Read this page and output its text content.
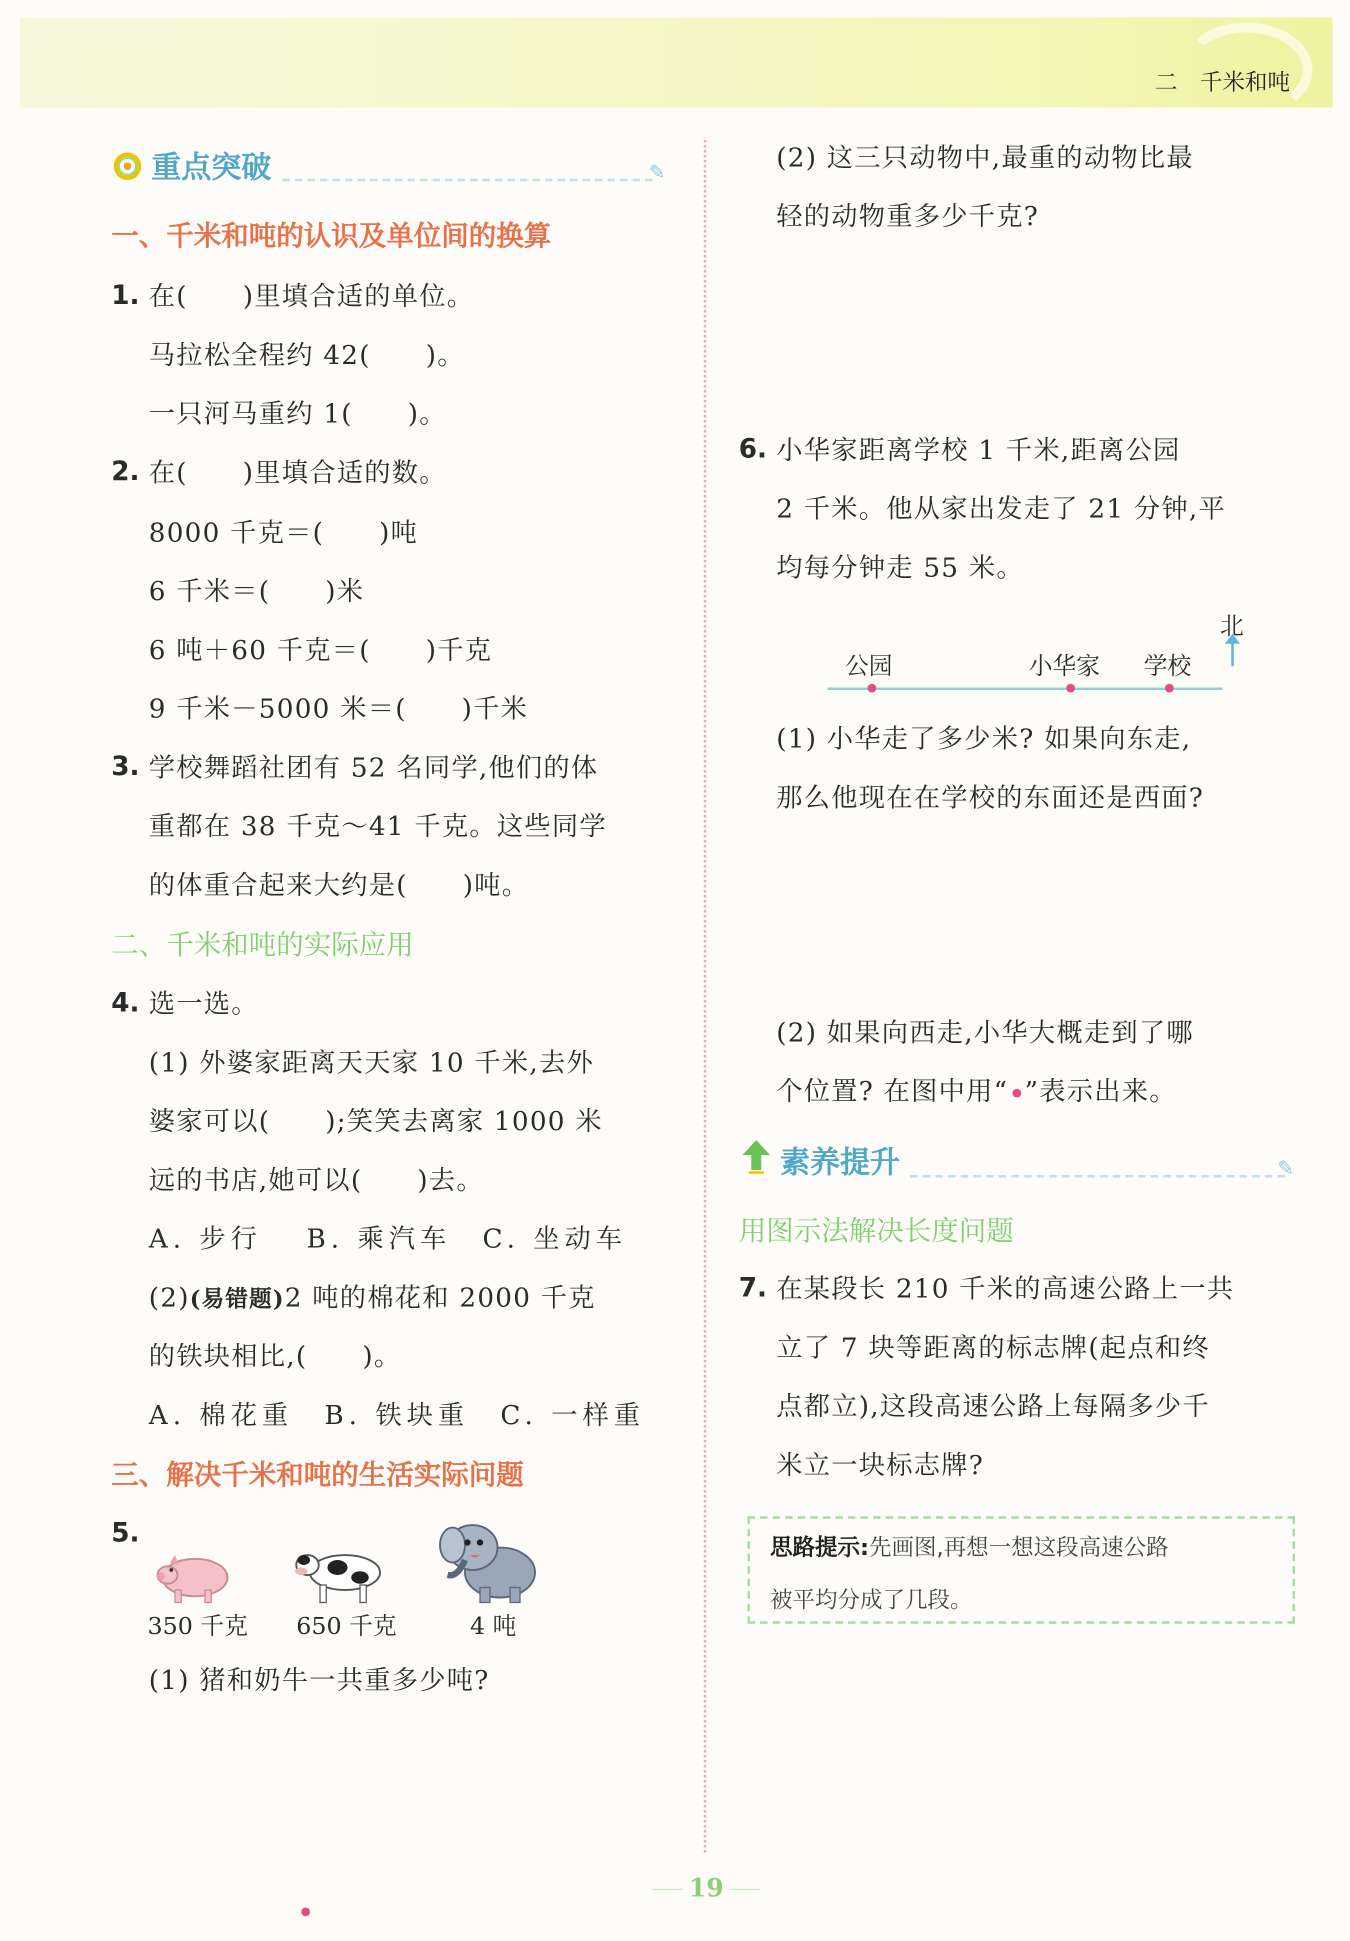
二　千米和吨
重点突破	✎
一、千米和吨的认识及单位间的换算
1. 在(　　)里填合适的单位。
马拉松全程约 42(　　)。
一只河马重约 1(　　)。
2. 在(　　)里填合适的数。
8000 千克＝(　　)吨
6 千米＝(　　)米
6 吨＋60 千克＝(　　)千克
9 千米－5000 米＝(　　)千米
3. 学校舞蹈社团有 52 名同学,他们的体
重都在 38 千克～41 千克。这些同学
的体重合起来大约是(　　)吨。
二、千米和吨的实际应用
4. 选一选。
(1) 外婆家距离天天家 10 千米,去外
婆家可以(　　);笑笑去离家 1000 米
远的书店,她可以(　　)去。
A. 步行　 B. 乘汽车　C. 坐动车
(2)(易错题)2 吨的棉花和 2000 千克
的铁块相比,(　　)。
A. 棉花重　B. 铁块重　C. 一样重
三、解决千米和吨的生活实际问题
5.
350 千克	650 千克	4 吨
(1) 猪和奶牛一共重多少吨?
(2) 这三只动物中,最重的动物比最
轻的动物重多少千克?
6. 小华家距离学校 1 千米,距离公园
2 千米。他从家出发走了 21 分钟,平
均每分钟走 55 米。
北
公园	小华家 学校
(1) 小华走了多少米? 如果向东走,
那么他现在在学校的东面还是西面?
(2) 如果向西走,小华大概走到了哪
个位置? 在图中用“ ”表示出来。
素养提升	✎
用图示法解决长度问题
7. 在某段长 210 千米的高速公路上一共
立了 7 块等距离的标志牌(起点和终
点都立),这段高速公路上每隔多少千
米立一块标志牌?
思路提示:先画图,再想一想这段高速公路
被平均分成了几段。
19
